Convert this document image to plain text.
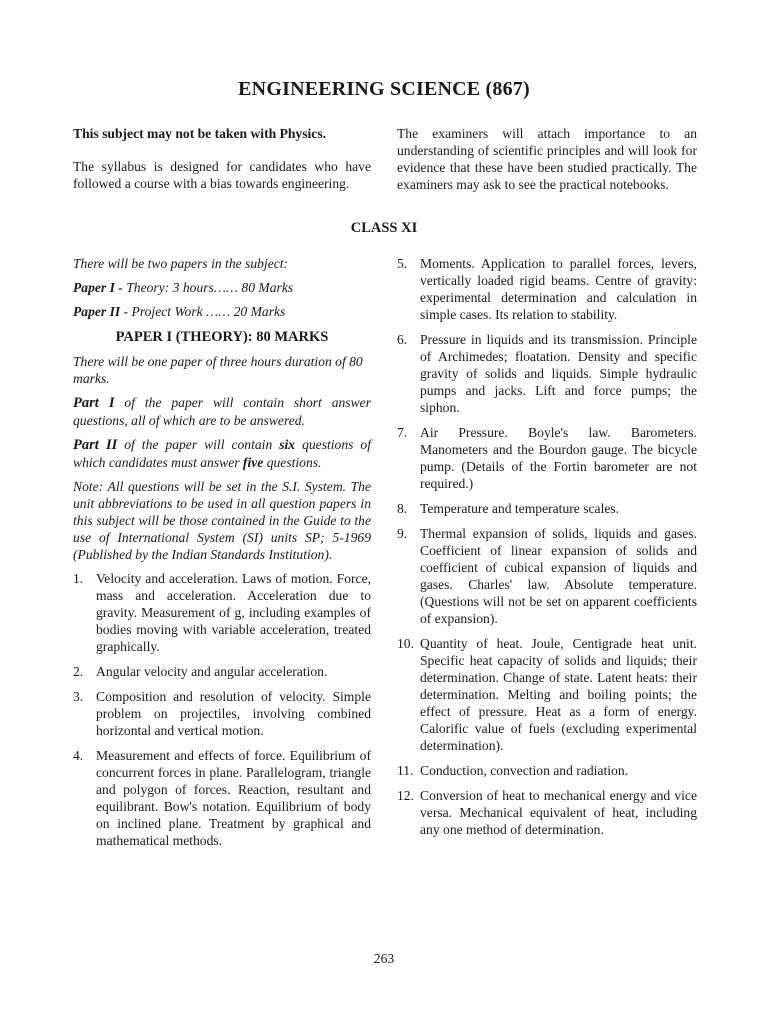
ENGINEERING SCIENCE (867)

This subject may not be taken with Physics.

The syllabus is designed for candidates who have followed a course with a bias towards engineering.

The examiners will attach importance to an understanding of scientific principles and will look for evidence that these have been studied practically. The examiners may ask to see the practical notebooks.

CLASS XI

There will be two papers in the subject:

Paper I - Theory: 3 hours…… 80 Marks

Paper II - Project Work …… 20 Marks

PAPER I (THEORY): 80 MARKS

There will be one paper of three hours duration of 80 marks.

Part I of the paper will contain short answer questions, all of which are to be answered.

Part II of the paper will contain six questions of which candidates must answer five questions.

Note: All questions will be set in the S.I. System. The unit abbreviations to be used in all question papers in this subject will be those contained in the Guide to the use of International System (SI) units SP; 5-1969 (Published by the Indian Standards Institution).

1. Velocity and acceleration. Laws of motion. Force, mass and acceleration. Acceleration due to gravity. Measurement of g, including examples of bodies moving with variable acceleration, treated graphically.
2. Angular velocity and angular acceleration.
3. Composition and resolution of velocity. Simple problem on projectiles, involving combined horizontal and vertical motion.
4. Measurement and effects of force. Equilibrium of concurrent forces in plane. Parallelogram, triangle and polygon of forces. Reaction, resultant and equilibrant. Bow's notation. Equilibrium of body on inclined plane. Treatment by graphical and mathematical methods.
5. Moments. Application to parallel forces, levers, vertically loaded rigid beams. Centre of gravity: experimental determination and calculation in simple cases. Its relation to stability.
6. Pressure in liquids and its transmission. Principle of Archimedes; floatation. Density and specific gravity of solids and liquids. Simple hydraulic pumps and jacks. Lift and force pumps; the siphon.
7. Air Pressure. Boyle's law. Barometers. Manometers and the Bourdon gauge. The bicycle pump. (Details of the Fortin barometer are not required.)
8. Temperature and temperature scales.
9. Thermal expansion of solids, liquids and gases. Coefficient of linear expansion of solids and coefficient of cubical expansion of liquids and gases. Charles' law. Absolute temperature. (Questions will not be set on apparent coefficients of expansion).
10. Quantity of heat. Joule, Centigrade heat unit. Specific heat capacity of solids and liquids; their determination. Change of state. Latent heats: their determination. Melting and boiling points; the effect of pressure. Heat as a form of energy. Calorific value of fuels (excluding experimental determination).
11. Conduction, convection and radiation.
12. Conversion of heat to mechanical energy and vice versa. Mechanical equivalent of heat, including any one method of determination.
263
